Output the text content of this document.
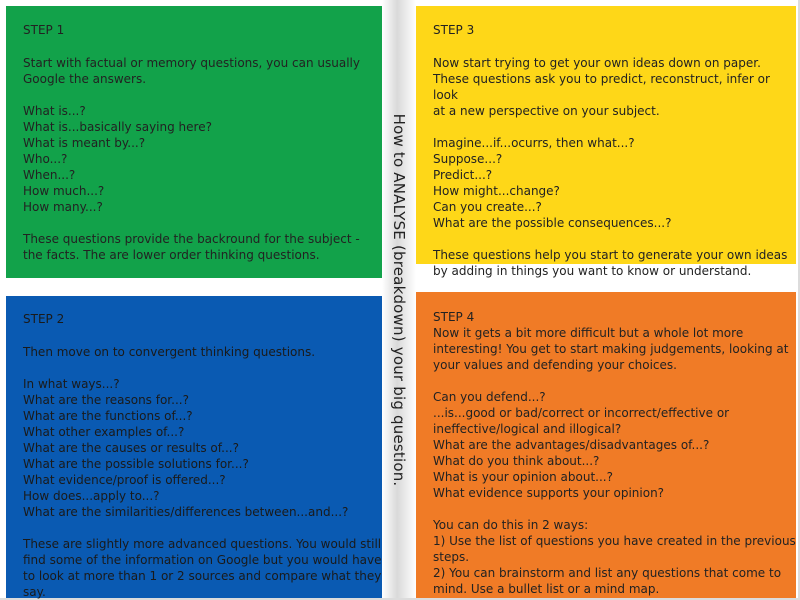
STEP 1

Start with factual or memory questions, you can usually
Google the answers.

What is...?
What is...basically saying here?
What is meant by...?
Who...?
When...?
How much...?
How many...?

These questions provide the backround for the subject -
the facts. The are lower order thinking questions.

STEP 2

Then move on to convergent thinking questions.

In what ways...?
What are the reasons for...?
What are the functions of...?
What other examples of...?
What are the causes or results of...?
What are the possible solutions for...?
What evidence/proof is offered...?
How does...apply to...?
What are the similarities/differences between...and...?

These are slightly more advanced questions. You would still
find some of the information on Google but you would have
to look at more than 1 or 2 sources and compare what they
say.

How to ANALYSE (breakdown) your big question.

STEP 3

Now start trying to get your own ideas down on paper.
These questions ask you to predict, reconstruct, infer or look
at a new perspective on your subject.

Imagine...if...ocurrs, then what...?
Suppose...?
Predict...?
How might...change?
Can you create...?
What are the possible consequences...?

These questions help you start to generate your own ideas
by adding in things you want to know or understand.

STEP 4

Now it gets a bit more difficult but a whole lot more
interesting! You get to start making judgements, looking at
your values and defending your choices.

Can you defend...?
...is...good or bad/correct or incorrect/effective or
ineffective/logical and illogical?
What are the advantages/disadvantages of...?
What do you think about...?
What is your opinion about...?
What evidence supports your opinion?

You can do this in 2 ways:
1) Use the list of questions you have created in the previous
steps.
2) You can brainstorm and list any questions that come to
mind. Use a bullet list or a mind map.
